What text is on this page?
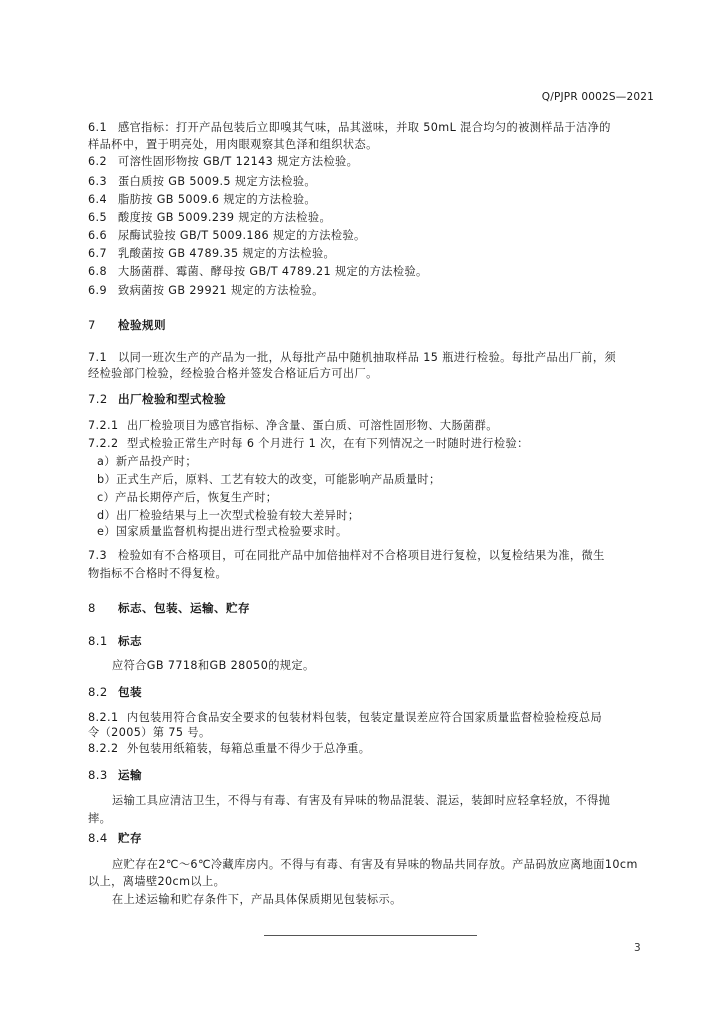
Q/PJPR 0002S—2021
6.1 感官指标：打开产品包装后立即嗅其气味，品其滋味，并取 50mL 混合均匀的被测样品于洁净的
样品杯中，置于明亮处，用肉眼观察其色泽和组织状态。
6.2 可溶性固形物按 GB/T 12143 规定方法检验。
6.3 蛋白质按 GB 5009.5 规定方法检验。
6.4 脂肪按 GB 5009.6 规定的方法检验。
6.5 酸度按 GB 5009.239 规定的方法检验。
6.6 尿酶试验按 GB/T 5009.186 规定的方法检验。
6.7 乳酸菌按 GB 4789.35 规定的方法检验。
6.8 大肠菌群、霉菌、酵母按 GB/T 4789.21 规定的方法检验。
6.9 致病菌按 GB 29921 规定的方法检验。
7 检验规则
7.1 以同一班次生产的产品为一批，从每批产品中随机抽取样品 15 瓶进行检验。每批产品出厂前，须
经检验部门检验，经检验合格并签发合格证后方可出厂。
7.2 出厂检验和型式检验
7.2.1 出厂检验项目为感官指标、净含量、蛋白质、可溶性固形物、大肠菌群。
7.2.2 型式检验正常生产时每 6 个月进行 1 次，在有下列情况之一时随时进行检验：
a）新产品投产时；
b）正式生产后，原料、工艺有较大的改变，可能影响产品质量时；
c）产品长期停产后，恢复生产时；
d）出厂检验结果与上一次型式检验有较大差异时；
e）国家质量监督机构提出进行型式检验要求时。
7.3 检验如有不合格项目，可在同批产品中加倍抽样对不合格项目进行复检，以复检结果为准，微生
物指标不合格时不得复检。
8 标志、包装、运输、贮存
8.1 标志
应符合GB 7718和GB 28050的规定。
8.2 包装
8.2.1 内包装用符合食品安全要求的包装材料包装，包装定量误差应符合国家质量监督检验检疫总局
令（2005）第 75 号。
8.2.2 外包装用纸箱装，每箱总重量不得少于总净重。
8.3 运输
运输工具应清洁卫生，不得与有毒、有害及有异味的物品混装、混运，装卸时应轻拿轻放，不得抛
摔。
8.4 贮存
应贮存在2℃～6℃冷藏库房内。不得与有毒、有害及有异味的物品共同存放。产品码放应离地面10cm
以上，离墙壁20cm以上。
在上述运输和贮存条件下，产品具体保质期见包装标示。
3
